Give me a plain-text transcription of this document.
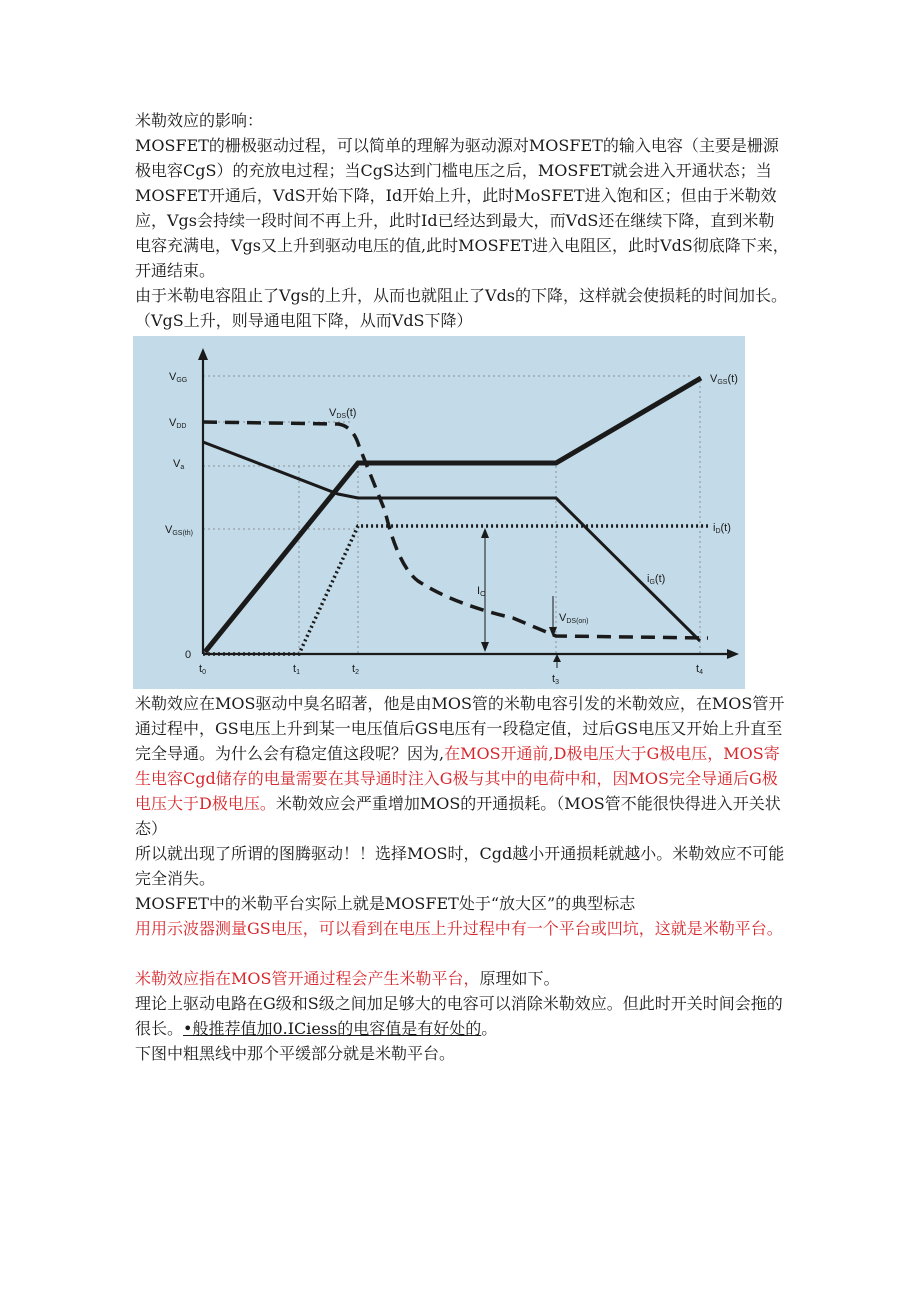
米勒效应的影响：

MOSFET的栅极驱动过程，可以简单的理解为驱动源对MOSFET的输入电容（主要是栅源极电容CgS）的充放电过程；当CgS达到门槛电压之后，MOSFET就会进入开通状态；当MOSFET开通后，VdS开始下降，Id开始上升，此时MoSFET进入饱和区；但由于米勒效应，Vgs会持续一段时间不再上升，此时Id已经达到最大，而VdS还在继续下降，直到米勒电容充满电，Vgs又上升到驱动电压的值,此时MOSFET进入电阻区，此时VdS彻底降下来，开通结束。

由于米勒电容阻止了Vgs的上升，从而也就阻止了Vds的下降，这样就会使损耗的时间加长。（VgS上升，则导通电阻下降，从而VdS下降）

VGG
VDD
Va
VGS(th)
0
t0	t1	t2
t3
t4
VGS(t)
VDS(t)
iD(t)
iG(t)
IO
VDS(on)

米勒效应在MOS驱动中臭名昭著，他是由MOS管的米勒电容引发的米勒效应，在MOS管开通过程中，GS电压上升到某一电压值后GS电压有一段稳定值，过后GS电压又开始上升直至完全导通。为什么会有稳定值这段呢？因为,在MOS开通前,D极电压大于G极电压，MOS寄生电容Cgd储存的电量需要在其导通时注入G极与其中的电荷中和，因MOS完全导通后G极电压大于D极电压。米勒效应会严重增加MOS的开通损耗。（MOS管不能很快得进入开关状态）

所以就出现了所谓的图腾驱动！！选择MOS时，Cgd越小开通损耗就越小。米勒效应不可能完全消失。

MOSFET中的米勒平台实际上就是MOSFET处于“放大区”的典型标志

用用示波器测量GS电压，可以看到在电压上升过程中有一个平台或凹坑，这就是米勒平台。

米勒效应指在MOS管开通过程会产生米勒平台，原理如下。

理论上驱动电路在G级和S级之间加足够大的电容可以消除米勒效应。但此时开关时间会拖的很长。•般推荐值加0.ICiess的电容值是有好处的。

下图中粗黑线中那个平缓部分就是米勒平台。
